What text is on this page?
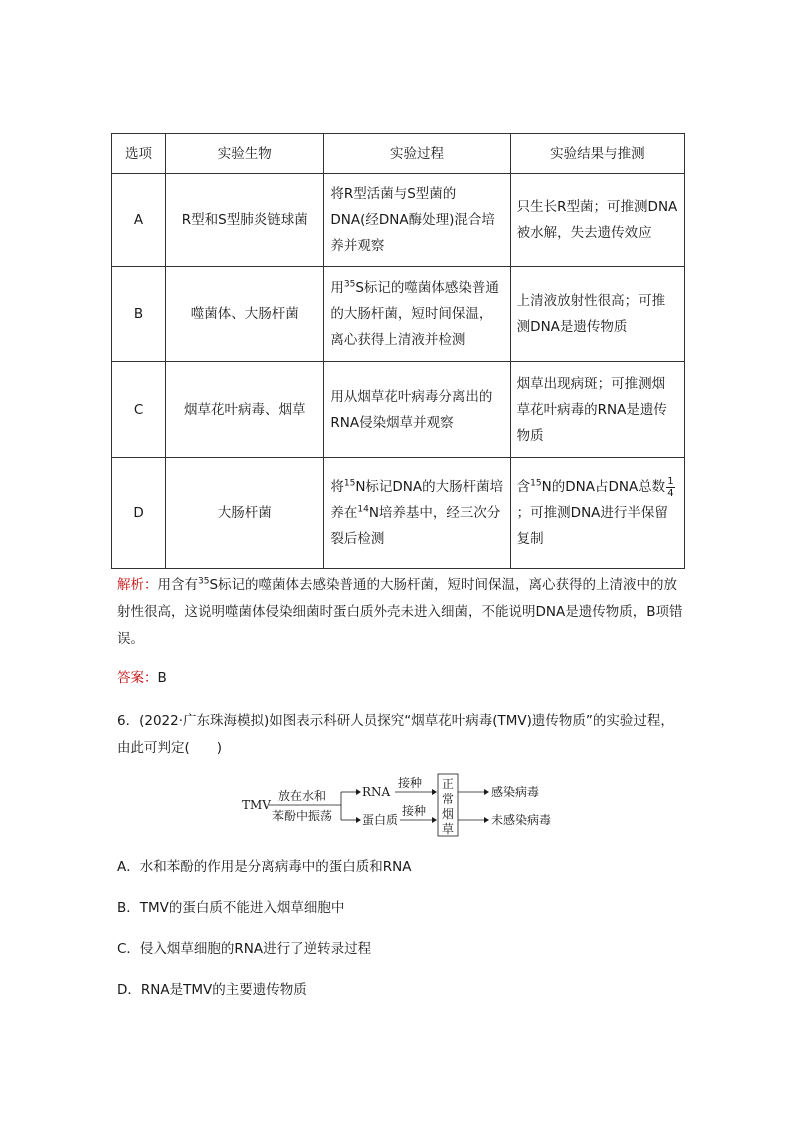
选项	实验生物	实验过程	实验结果与推测
A	R型和S型肺炎链球菌	将R型活菌与S型菌的DNA(经DNA酶处理)混合培养并观察	只生长R型菌；可推测DNA被水解，失去遗传效应
B	噬菌体、大肠杆菌	用$^{35}$S标记的噬菌体感染普通的大肠杆菌，短时间保温，离心获得上清液并检测	上清液放射性很高；可推测DNA是遗传物质
C	烟草花叶病毒、烟草	用从烟草花叶病毒分离出的RNA侵染烟草并观察	烟草出现病斑；可推测烟草花叶病毒的RNA是遗传物质
D	大肠杆菌	将$^{15}$N标记DNA的大肠杆菌培养在$^{14}$N培养基中，经三次分裂后检测	含$^{15}$N的DNA占DNA总数 $\frac{1}{4}$
；可推测DNA进行半保留复制
解析：用含有$^{35}$S标记的噬菌体去感染普通的大肠杆菌，短时间保温，离心获得的上清液中的放射性很高，这说明噬菌体侵染细菌时蛋白质外壳未进入细菌，不能说明DNA是遗传物质，B项错误。
答案：B
6．(2022·广东珠海模拟)如图表示科研人员探究“烟草花叶病毒(TMV)遗传物质”的实验过程，由此可判定(　　)
TMV
放在水和
苯酚中振荡
RNA
蛋白质
接种
接种
正
常
烟
草
感染病毒
未感染病毒
A．水和苯酚的作用是分离病毒中的蛋白质和RNA
B．TMV的蛋白质不能进入烟草细胞中
C．侵入烟草细胞的RNA进行了逆转录过程
D．RNA是TMV的主要遗传物质
